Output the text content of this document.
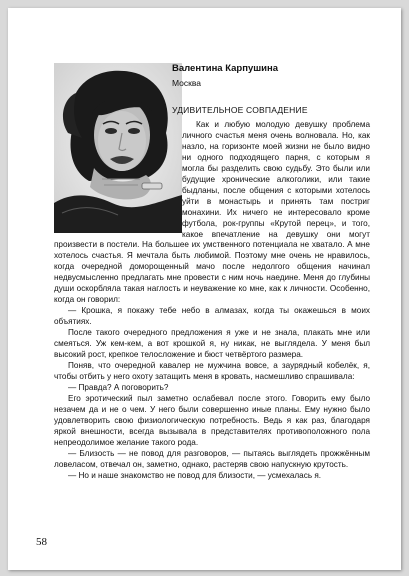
Валентина Карпушина
Москва
УДИВИТЕЛЬНОЕ СОВПАДЕНИЕ

Как и любую молодую девушку проблема личного счастья меня очень волновала. Но, как назло, на горизонте моей жизни не было видно ни одного подходящего парня, с которым я могла бы разделить свою судьбу. Это были или будущие хронические алкоголики, или такие быдланы, после общения с которыми хотелось уйти в монастырь и принять там постриг монахини. Их ничего не интересовало кроме футбола, рок-группы «Крутой перец», и того, какое впечатление на девушку они могут произвести в постели. На большее их умственного потенциала не хватало. А мне хотелось счастья. Я мечтала быть любимой. Поэтому мне очень не нравилось, когда очередной доморощенный мачо после недолгого общения начинал недвусмысленно предлагать мне провести с ним ночь наедине. Меня до глубины души оскорбляла такая наглость и неуважение ко мне, как к личности. Особенно, когда он говорил:

— Крошка, я покажу тебе небо в алмазах, когда ты окажешься в моих объятиях.

После такого очередного предложения я уже и не знала, плакать мне или смеяться. Уж кем-кем, а вот крошкой я, ну никак, не выглядела. У меня был высокий рост, крепкое телосложение и бюст четвёртого размера.

Поняв, что очередной кавалер не мужчина вовсе, а заурядный кобелёк, я, чтобы отбить у него охоту затащить меня в кровать, насмешливо спрашивала:

— Правда? А поговорить?

Его эротический пыл заметно ослабевал после этого. Говорить ему было незачем да и не о чем. У него были совершенно иные планы. Ему нужно было удовлетворить свою физиологическую потребность. Ведь я как раз, благодаря яркой внешности, всегда вызывала в представителях противоположного пола непреодолимое желание такого рода.

— Близость — не повод для разговоров, — пытаясь выглядеть прожжённым ловеласом, отвечал он, заметно, однако, растеряв свою напускную крутость.

— Но и наше знакомство не повод для близости, — усмехалась я.

58
